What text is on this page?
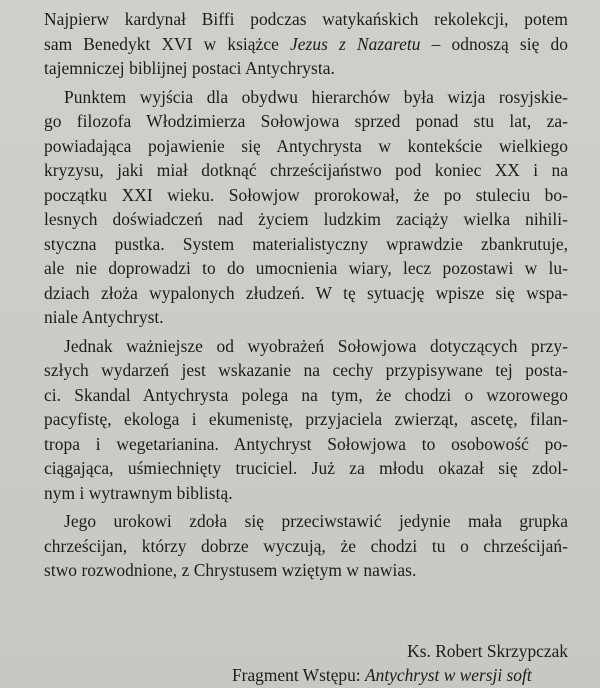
Najpierw kardynał Biffi podczas watykańskich rekolekcji, potem
sam Benedykt XVI w książce Jezus z Nazaretu – odnoszą się do
tajemniczej biblijnej postaci Antychrysta.
Punktem wyjścia dla obydwu hierarchów była wizja rosyjskie-
go filozofa Włodzimierza Sołowjowa sprzed ponad stu lat, za-
powiadająca pojawienie się Antychrysta w kontekście wielkiego
kryzysu, jaki miał dotknąć chrześcijaństwo pod koniec XX i na
początku XXI wieku. Sołowjow prorokował, że po stuleciu bo-
lesnych doświadczeń nad życiem ludzkim zaciąży wielka nihili-
styczna pustka. System materialistyczny wprawdzie zbankrutuje,
ale nie doprowadzi to do umocnienia wiary, lecz pozostawi w lu-
dziach złoża wypalonych złudzeń. W tę sytuację wpisze się wspa-
niale Antychryst.
Jednak ważniejsze od wyobrażeń Sołowjowa dotyczących przy-
szłych wydarzeń jest wskazanie na cechy przypisywane tej posta-
ci. Skandal Antychrysta polega na tym, że chodzi o wzorowego
pacyfistę, ekologa i ekumenistę, przyjaciela zwierząt, ascetę, filan-
tropa i wegetarianina. Antychryst Sołowjowa to osobowość po-
ciągająca, uśmiechnięty truciciel. Już za młodu okazał się zdol-
nym i wytrawnym biblistą.
Jego urokowi zdoła się przeciwstawić jedynie mała grupka
chrześcijan, którzy dobrze wyczują, że chodzi tu o chrześcijań-
stwo rozwodnione, z Chrystusem wziętym w nawias.
Ks. Robert Skrzypczak
Fragment Wstępu: Antychryst w wersji soft
